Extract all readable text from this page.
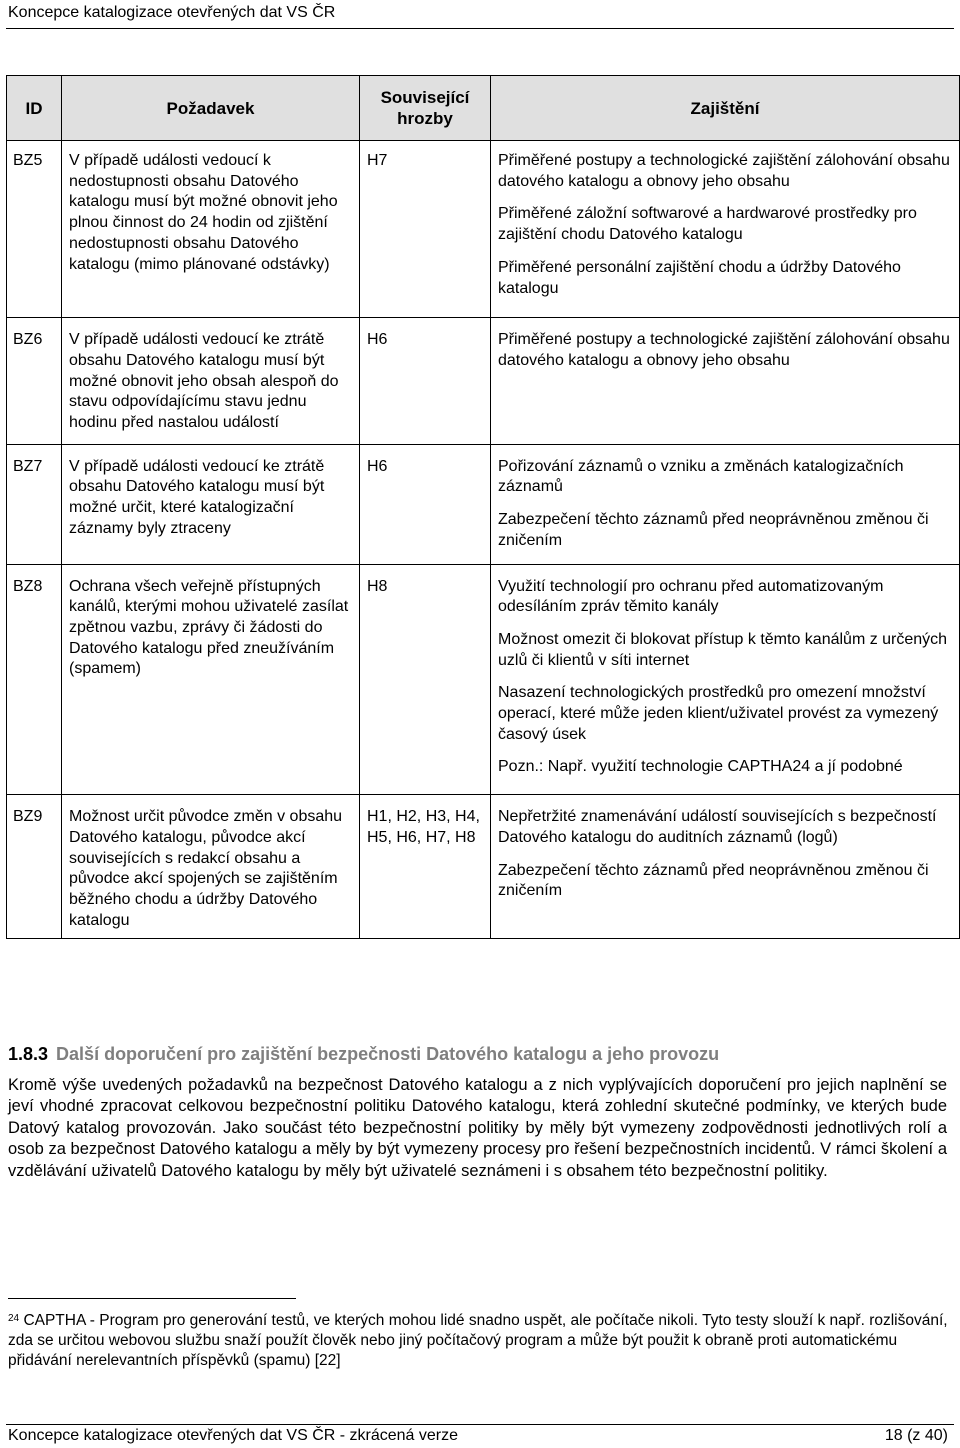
Koncepce katalogizace otevřených dat VS ČR
ID	Požadavek	Související hrozby	Zajištění
BZ5	V případě události vedoucí k nedostupnosti obsahu Datového katalogu musí být možné obnovit jeho plnou činnost do 24 hodin od zjištění nedostupnosti obsahu Datového katalogu (mimo plánované odstávky)	H7	Přiměřené postupy a technologické zajištění zálohování obsahu datového katalogu a obnovy jeho obsahu

Přiměřené záložní softwarové a hardwarové prostředky pro zajištění chodu Datového katalogu

Přiměřené personální zajištění chodu a údržby Datového katalogu

BZ6	V případě události vedoucí ke ztrátě obsahu Datového katalogu musí být možné obnovit jeho obsah alespoň do stavu odpovídajícímu stavu jednu hodinu před nastalou událostí	H6	Přiměřené postupy a technologické zajištění zálohování obsahu datového katalogu a obnovy jeho obsahu

BZ7	V případě události vedoucí ke ztrátě obsahu Datového katalogu musí být možné určit, které katalogizační záznamy byly ztraceny	H6	Pořizování záznamů o vzniku a změnách katalogizačních záznamů

Zabezpečení těchto záznamů před neoprávněnou změnou či zničením

BZ8	Ochrana všech veřejně přístupných kanálů, kterými mohou uživatelé zasílat zpětnou vazbu, zprávy či žádosti do Datového katalogu před zneužíváním (spamem)	H8	Využití technologií pro ochranu před automatizovaným odesíláním zpráv těmito kanály

Možnost omezit či blokovat přístup k těmto kanálům z určených uzlů či klientů v síti internet

Nasazení technologických prostředků pro omezení množství operací, které může jeden klient/uživatel provést za vymezený časový úsek

Pozn.: Např. využití technologie CAPTHA24 a jí podobné

BZ9	Možnost určit původce změn v obsahu Datového katalogu, původce akcí souvisejících s redakcí obsahu a původce akcí spojených se zajištěním běžného chodu a údržby Datového katalogu	H1, H2, H3, H4, H5, H6, H7, H8	Nepřetržité znamenávání událostí souvisejících s bezpečností Datového katalogu do auditních záznamů (logů)

Zabezpečení těchto záznamů před neoprávněnou změnou či zničením

1.8.3 Další doporučení pro zajištění bezpečnosti Datového katalogu a jeho provozu
Kromě výše uvedených požadavků na bezpečnost Datového katalogu a z nich vyplývajících doporučení pro jejich naplnění se jeví vhodné zpracovat celkovou bezpečnostní politiku Datového katalogu, která zohlední skutečné podmínky, ve kterých bude Datový katalog provozován. Jako součást této bezpečnostní politiky by měly být vymezeny zodpovědnosti jednotlivých rolí a osob za bezpečnost Datového katalogu a měly by být vymezeny procesy pro řešení bezpečnostních incidentů. V rámci školení a vzdělávání uživatelů Datového katalogu by měly být uživatelé seznámeni i s obsahem této bezpečnostní politiky.
$^{24}$ CAPTHA - Program pro generování testů, ve kterých mohou lidé snadno uspět, ale počítače nikoli. Tyto testy slouží k např. rozlišování, zda se určitou webovou službu snaží použít člověk nebo jiný počítačový program a může být použit k obraně proti automatickému přidávání nerelevantních příspěvků (spamu) [22]
Koncepce katalogizace otevřených dat VS ČR - zkrácená verze	18 (z 40)
